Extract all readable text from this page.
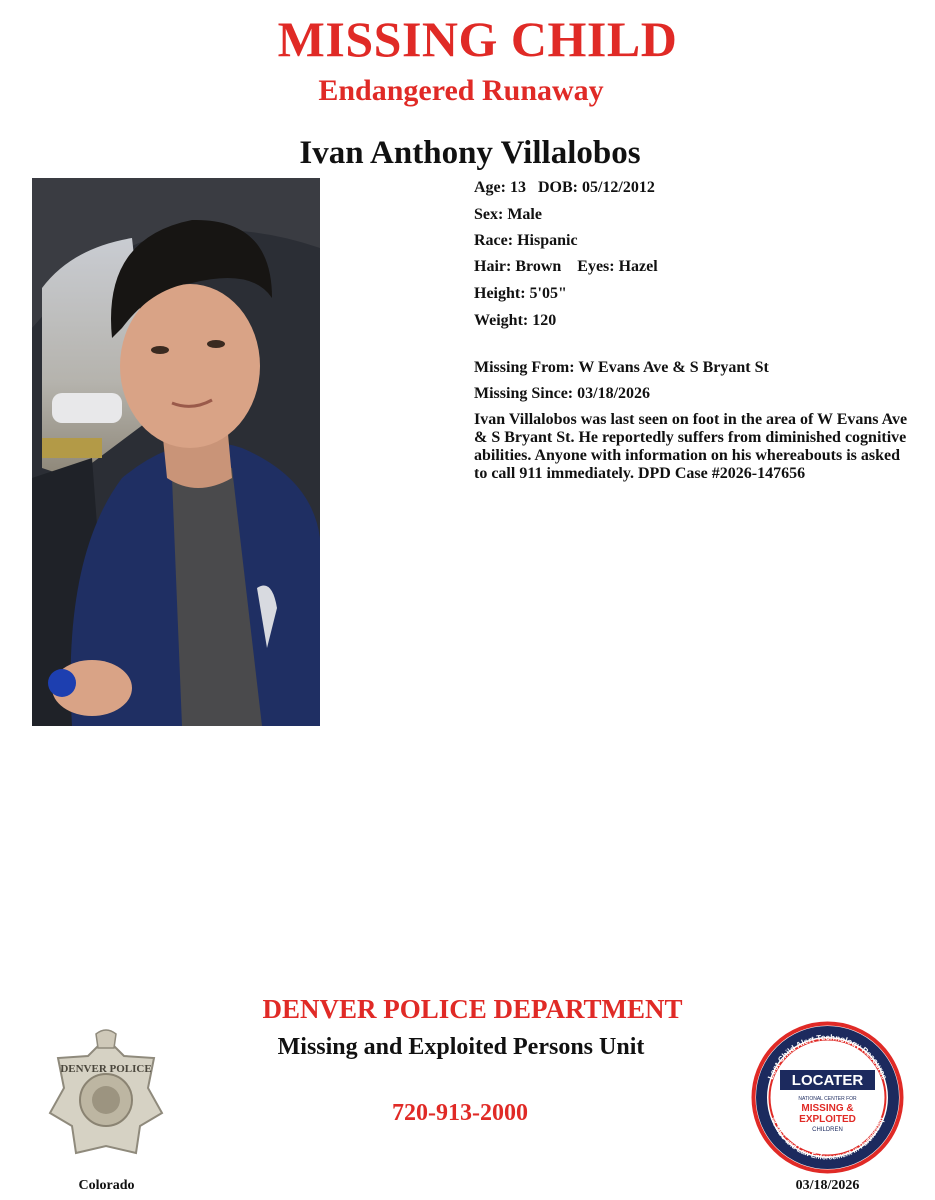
MISSING CHILD
Endangered Runaway
Ivan Anthony Villalobos
Age: 13 DOB: 05/12/2012
Sex: Male
Race: Hispanic
Hair: Brown Eyes: Hazel
Height: 5'05"
Weight: 120
Missing From: W Evans Ave & S Bryant St
Missing Since: 03/18/2026
Ivan Villalobos was last seen on foot in the area of W Evans Ave & S Bryant St. He reportedly suffers from diminished cognitive abilities. Anyone with information on his whereabouts is asked to call 911 immediately. DPD Case #2026-147656
DENVER POLICE DEPARTMENT
Missing and Exploited Persons Unit
720-913-2000
DENVER POLICE
Colorado
Lost Child Alert Technology Resource
NCMEC and Law Enforcement in Partnership
LOCATER
NATIONAL CENTER FOR
MISSING &
EXPLOITED
CHILDREN
03/18/2026
